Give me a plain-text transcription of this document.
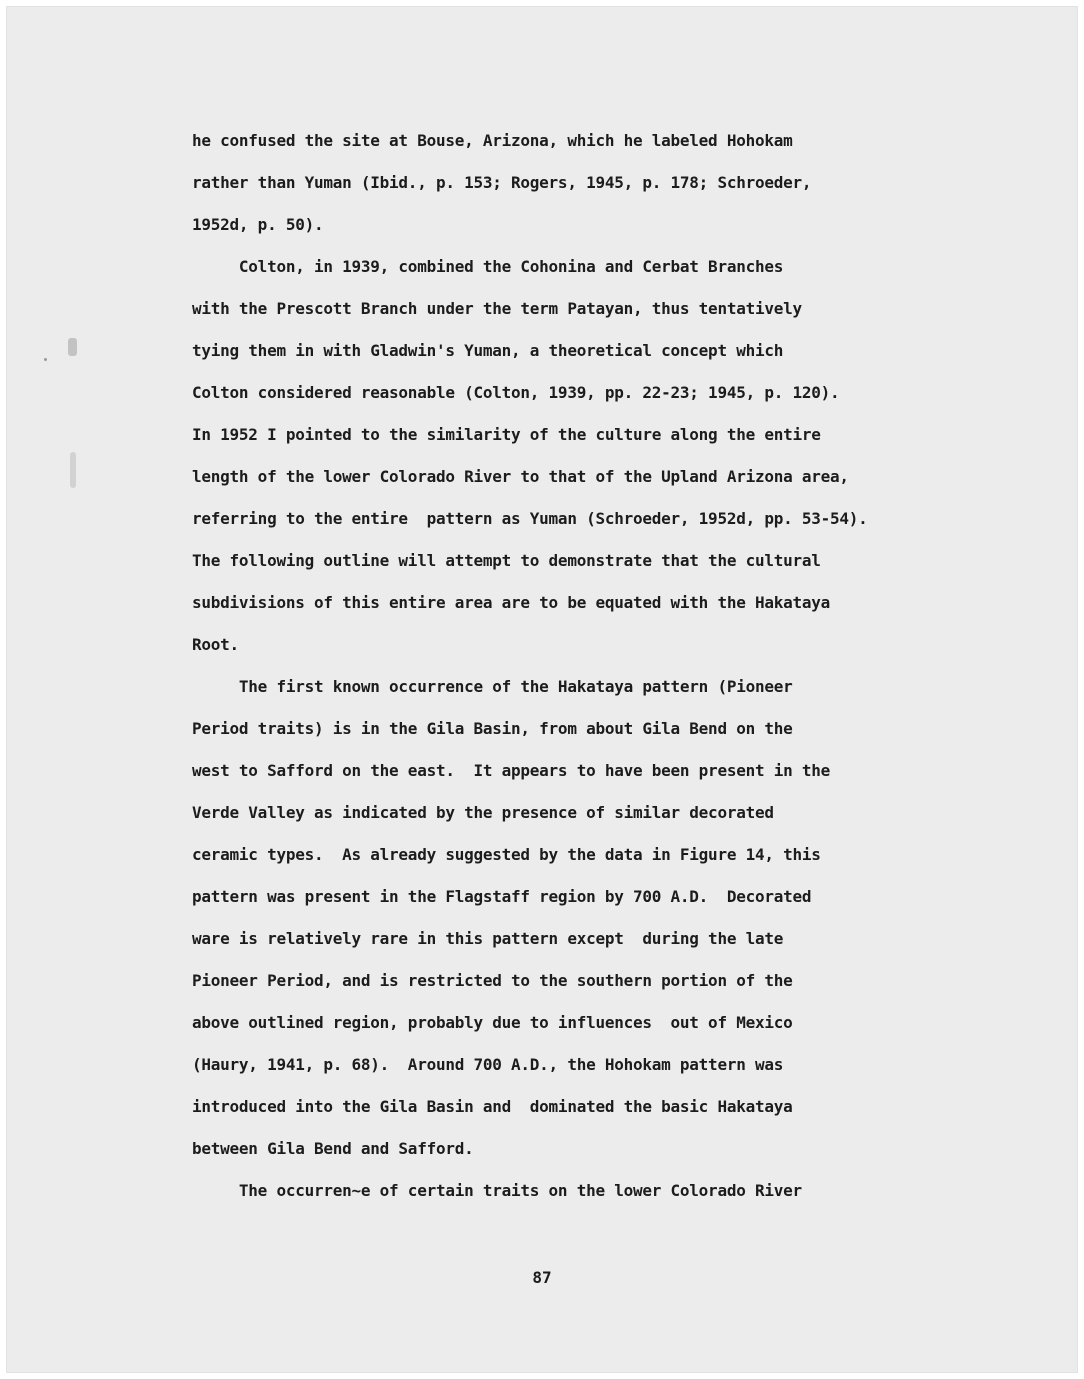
he confused the site at Bouse, Arizona, which he labeled Hohokam
rather than Yuman (Ibid., p. 153; Rogers, 1945, p. 178; Schroeder,
1952d, p. 50).
Colton, in 1939, combined the Cohonina and Cerbat Branches
with the Prescott Branch under the term Patayan, thus tentatively
tying them in with Gladwin's Yuman, a theoretical concept which
Colton considered reasonable (Colton, 1939, pp. 22-23; 1945, p. 120).
In 1952 I pointed to the similarity of the culture along the entire
length of the lower Colorado River to that of the Upland Arizona area,
referring to the entire  pattern as Yuman (Schroeder, 1952d, pp. 53-54).
The following outline will attempt to demonstrate that the cultural
subdivisions of this entire area are to be equated with the Hakataya
Root.
The first known occurrence of the Hakataya pattern (Pioneer
Period traits) is in the Gila Basin, from about Gila Bend on the
west to Safford on the east.  It appears to have been present in the
Verde Valley as indicated by the presence of similar decorated
ceramic types.  As already suggested by the data in Figure 14, this
pattern was present in the Flagstaff region by 700 A.D.  Decorated
ware is relatively rare in this pattern except  during the late
Pioneer Period, and is restricted to the southern portion of the
above outlined region, probably due to influences  out of Mexico
(Haury, 1941, p. 68).  Around 700 A.D., the Hohokam pattern was
introduced into the Gila Basin and  dominated the basic Hakataya
between Gila Bend and Safford.
The occurren~e of certain traits on the lower Colorado River
87
